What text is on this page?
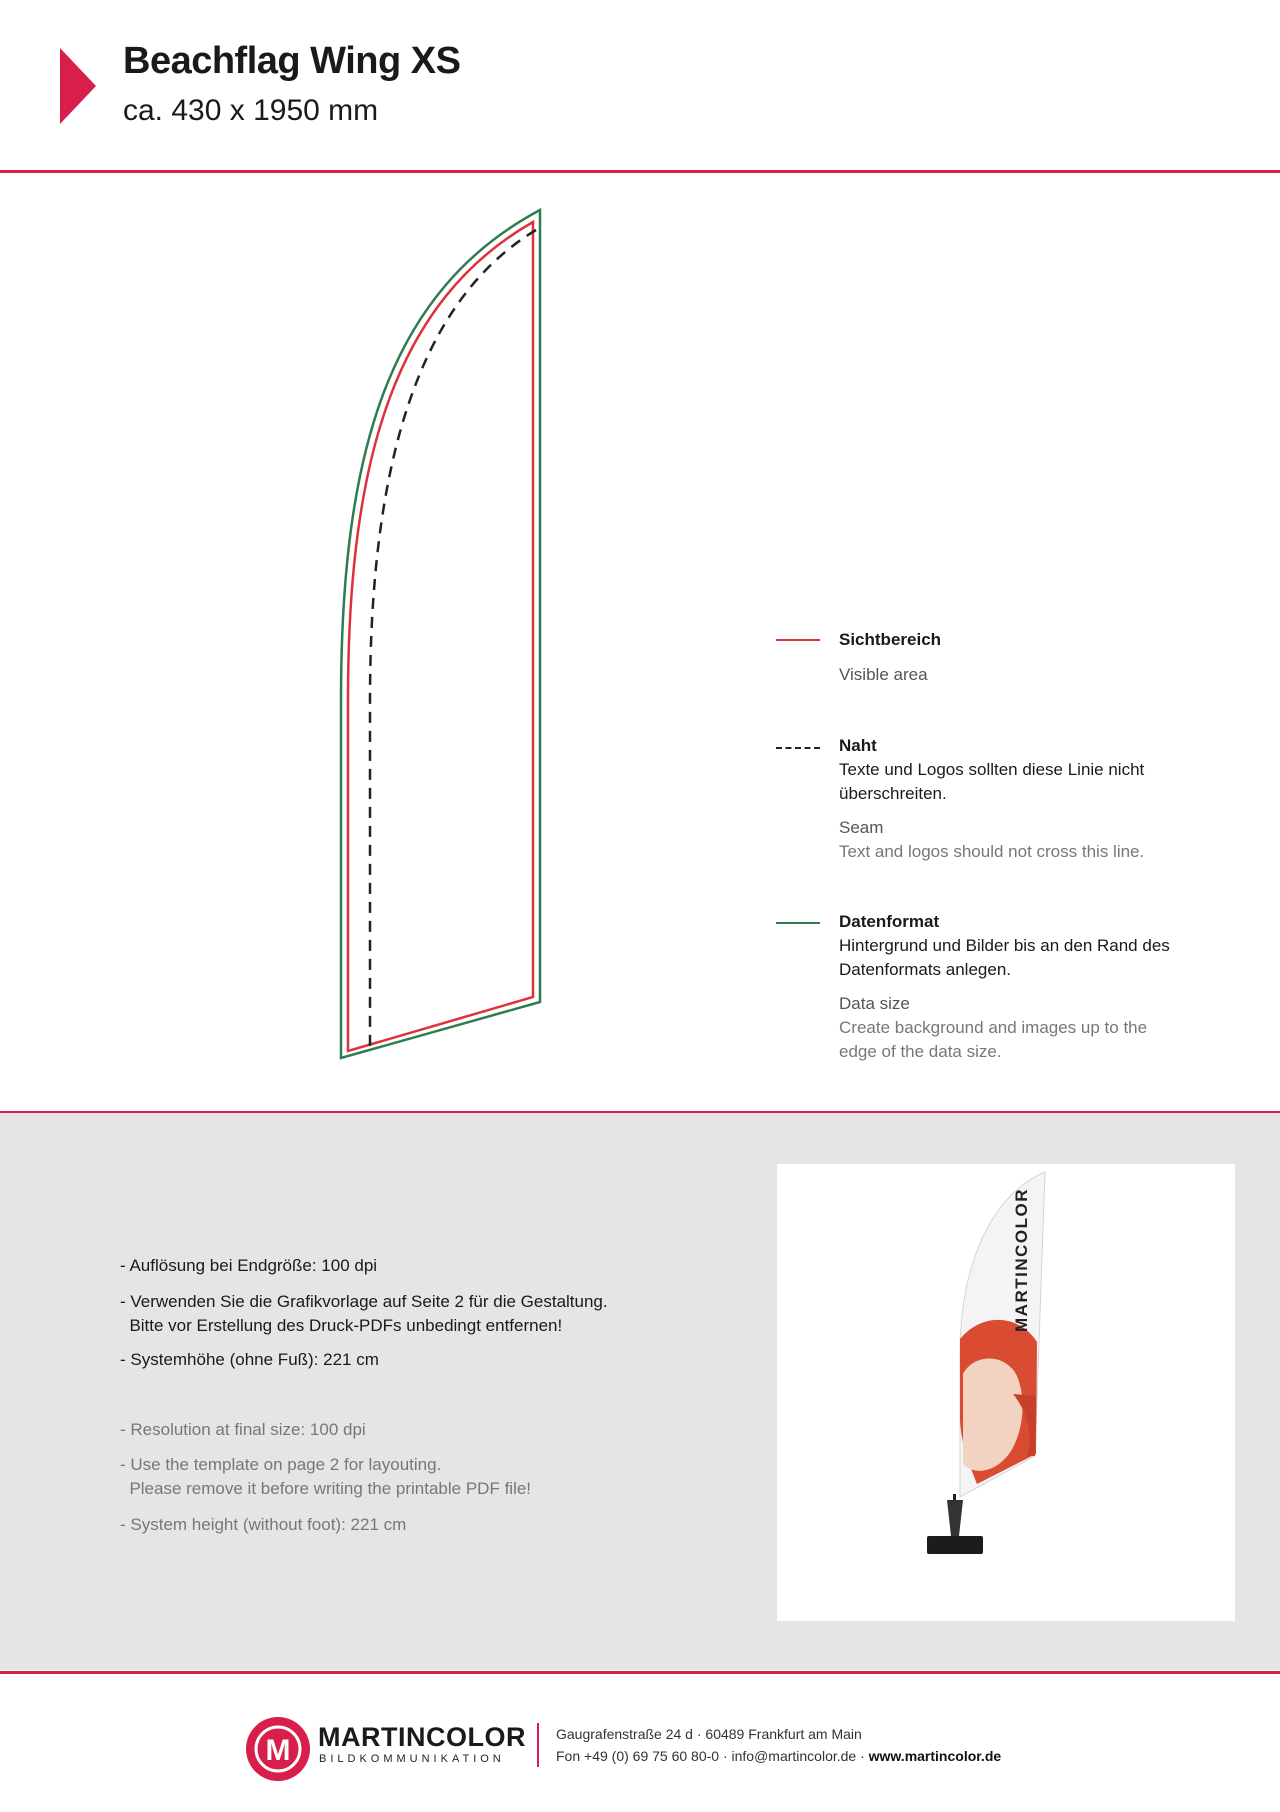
Beachflag Wing XS
ca. 430 x 1950 mm
Sichtbereich
Visible area
Naht
Texte und Logos sollten diese Linie nicht überschreiten.
Seam
Text and logos should not cross this line.
Datenformat
Hintergrund und Bilder bis an den Rand des Datenformats anlegen.
Data size
Create background and images up to the edge of the data size.
- Auflösung bei Endgröße: 100 dpi
- Verwenden Sie die Grafikvorlage auf Seite 2 für die Gestaltung.
Bitte vor Erstellung des Druck-PDFs unbedingt entfernen!
- Systemhöhe (ohne Fuß): 221 cm
- Resolution at final size: 100 dpi
- Use the template on page 2 for layouting.
Please remove it before writing the printable PDF file!
- System height (without foot): 221 cm
MARTINCOLOR
M MARTINCOLOR
BILDKOMMUNIKATION
Gaugrafenstraße 24 d · 60489 Frankfurt am Main
Fon +49 (0) 69 75 60 80-0 · info@martincolor.de · www.martincolor.de
